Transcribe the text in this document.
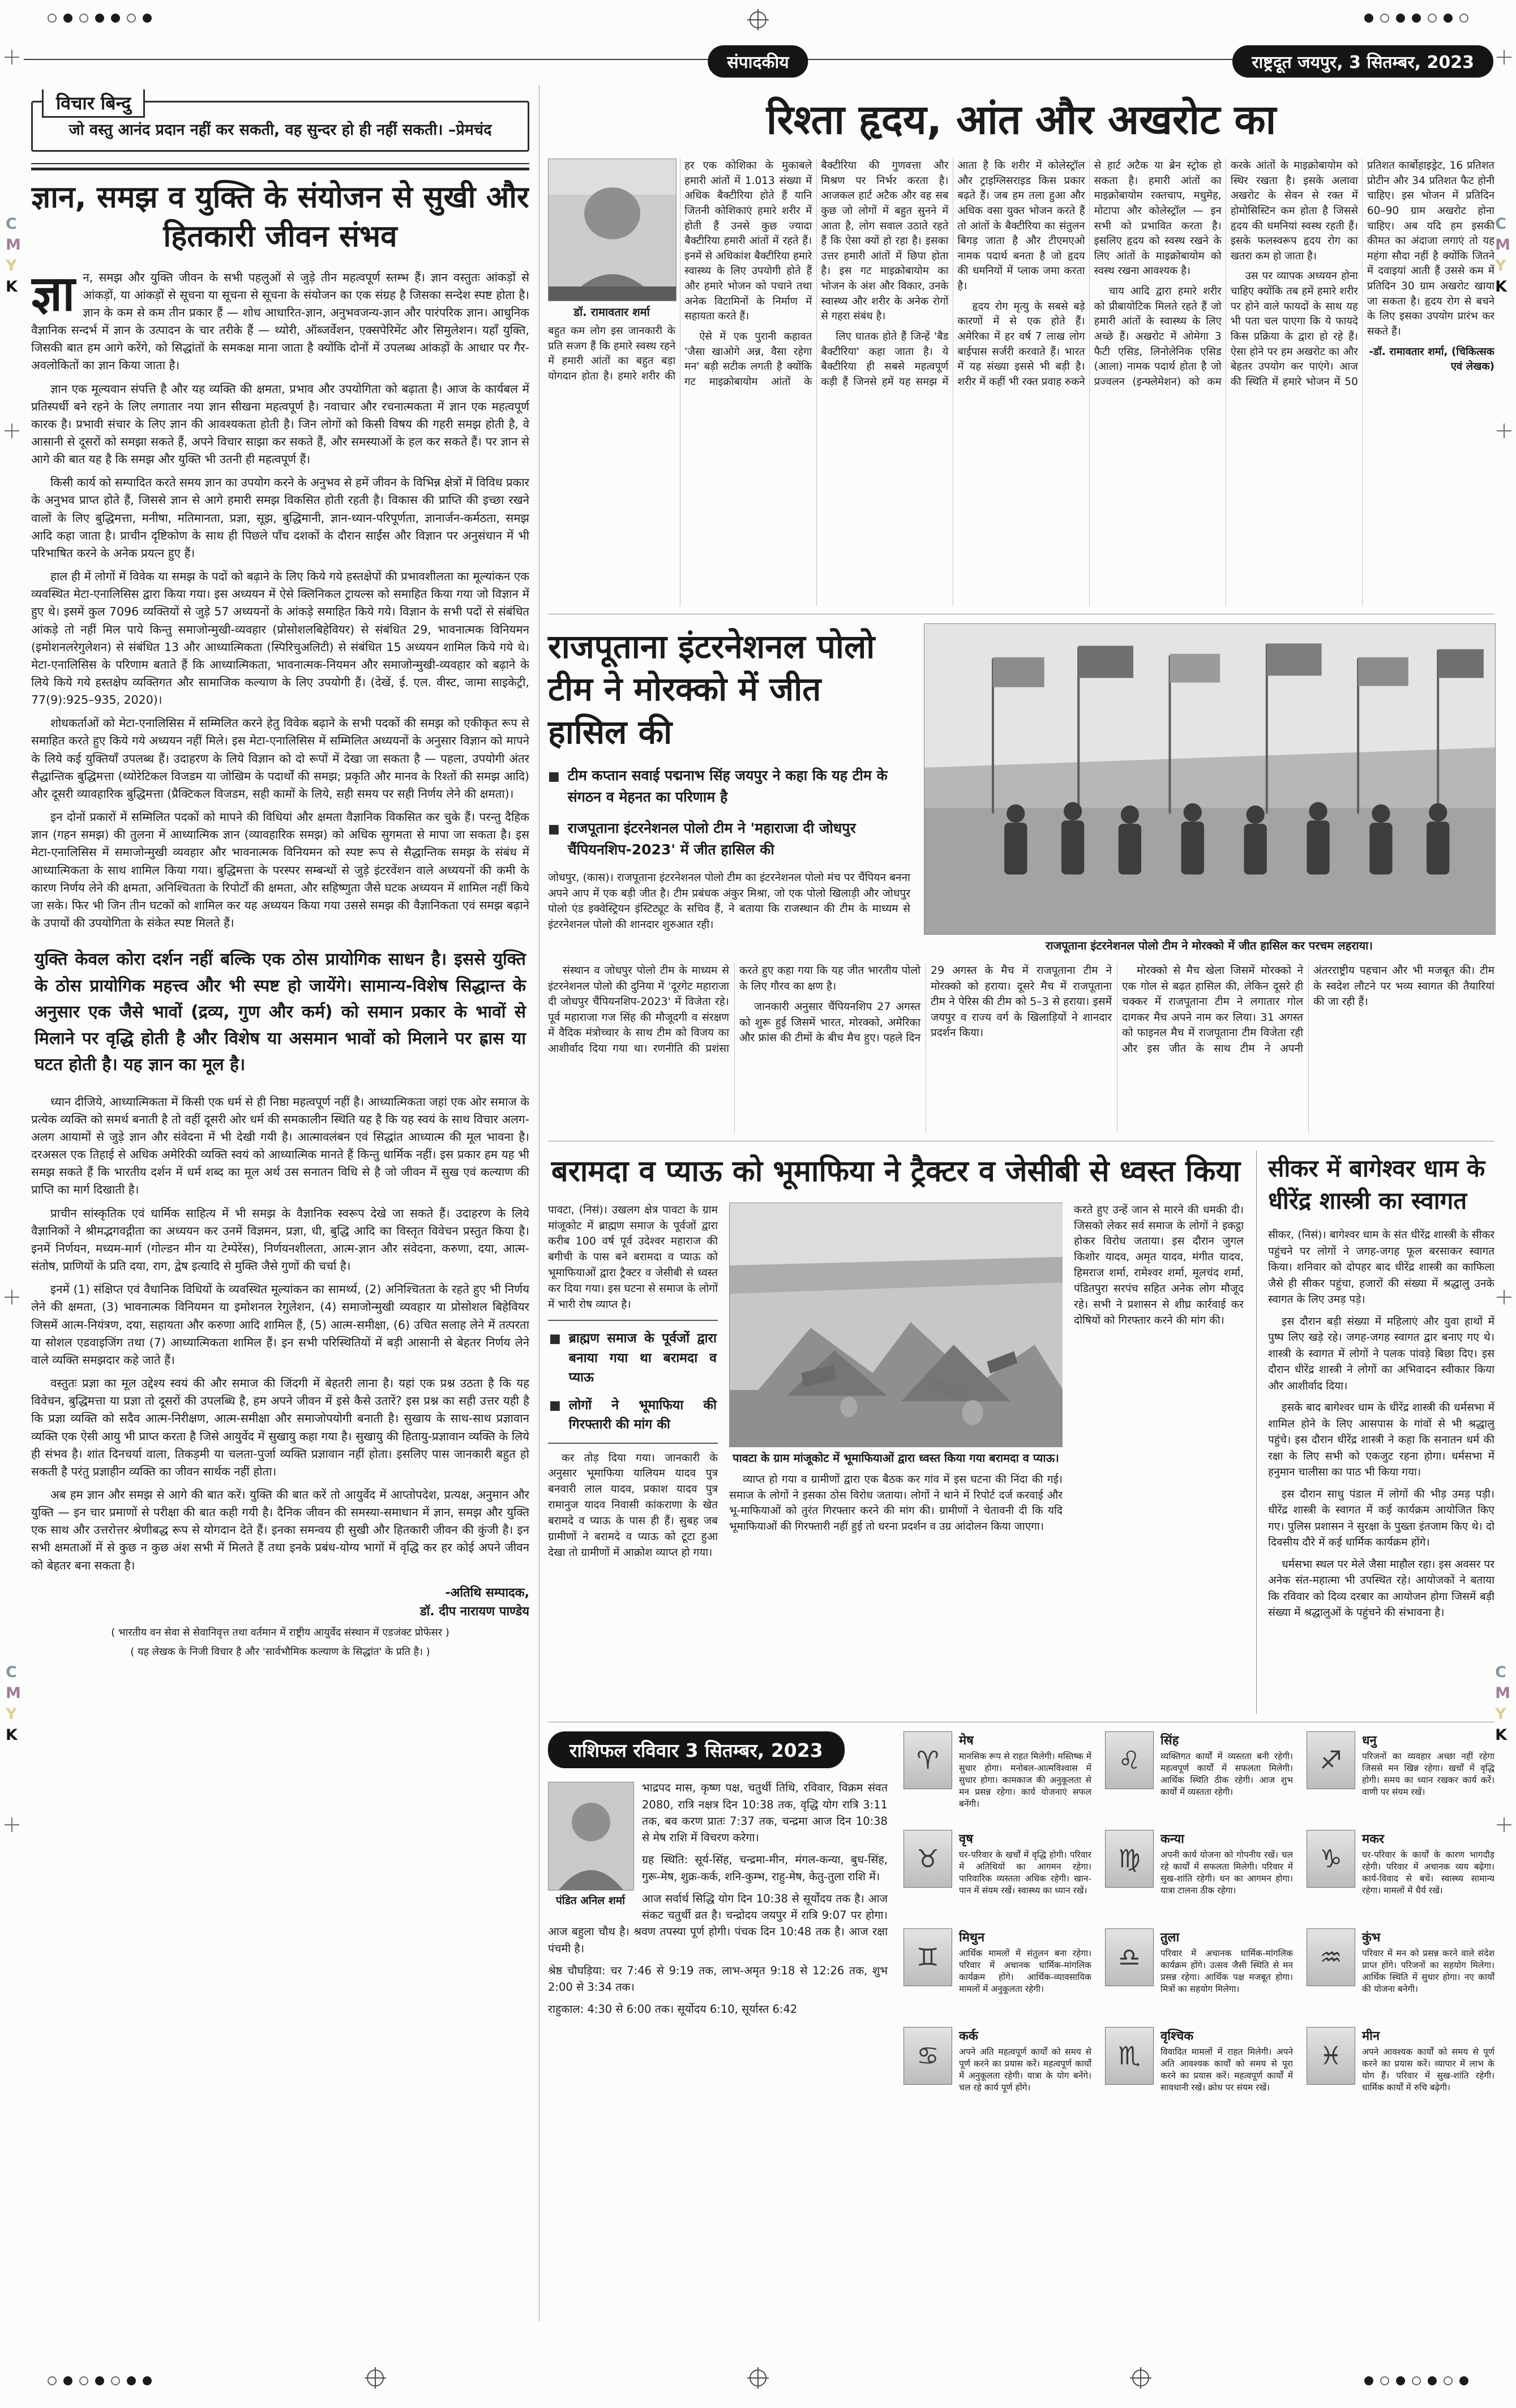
C
M
Y
K
C
M
Y
K
C
M
Y
K
C
M
Y
K
संपादकीय	राष्ट्रदूत जयपुर, 3 सितम्बर, 2023
विचार बिन्दु
जो वस्तु आनंद प्रदान नहीं कर सकती, वह सुन्दर हो ही नहीं सकती। –प्रेमचंद
ज्ञान, समझ व युक्ति के संयोजन से सुखी और हितकारी जीवन संभव

ज्ञा न, समझ और युक्ति जीवन के सभी पहलुओं से जुड़े तीन महत्वपूर्ण स्तम्भ हैं। ज्ञान वस्तुतः आंकड़ों से आंकड़ों, या आंकड़ों से सूचना या सूचना से सूचना के संयोजन का एक संग्रह है जिसका सन्देश स्पष्ट होता है। ज्ञान के कम से कम तीन प्रकार हैं — शोध आधारित-ज्ञान, अनुभवजन्य-ज्ञान और पारंपरिक ज्ञान। आधुनिक वैज्ञानिक सन्दर्भ में ज्ञान के उत्पादन के चार तरीके हैं — थ्योरी, ऑब्जर्वेशन, एक्सपेरिमेंट और सिमुलेशन। यहाँ युक्ति, जिसकी बात हम आगे करेंगे, को सिद्धांतों के समकक्ष माना जाता है क्योंकि दोनों में उपलब्ध आंकड़ों के आधार पर गैर-अवलोकितों का ज्ञान किया जाता है।

ज्ञान एक मूल्यवान संपत्ति है और यह व्यक्ति की क्षमता, प्रभाव और उपयोगिता को बढ़ाता है। आज के कार्यबल में प्रतिस्पर्धी बने रहने के लिए लगातार नया ज्ञान सीखना महत्वपूर्ण है। नवाचार और रचनात्मकता में ज्ञान एक महत्वपूर्ण कारक है। प्रभावी संचार के लिए ज्ञान की आवश्यकता होती है। जिन लोगों को किसी विषय की गहरी समझ होती है, वे आसानी से दूसरों को समझा सकते हैं, अपने विचार साझा कर सकते हैं, और समस्याओं के हल कर सकते हैं। पर ज्ञान से आगे की बात यह है कि समझ और युक्ति भी उतनी ही महत्वपूर्ण हैं।

किसी कार्य को सम्पादित करते समय ज्ञान का उपयोग करने के अनुभव से हमें जीवन के विभिन्न क्षेत्रों में विविध प्रकार के अनुभव प्राप्त होते हैं, जिससे ज्ञान से आगे हमारी समझ विकसित होती रहती है। विकास की प्राप्ति की इच्छा रखने वालों के लिए बुद्धिमत्ता, मनीषा, मतिमानता, प्रज्ञा, सूझ, बुद्धिमानी, ज्ञान-ध्यान-परिपूर्णता, ज्ञानार्जन-कर्मठता, समझ आदि कहा जाता है। प्राचीन दृष्टिकोण के साथ ही पिछले पाँच दशकों के दौरान साईंस और विज्ञान पर अनुसंधान में भी परिभाषित करने के अनेक प्रयत्न हुए हैं।

हाल ही में लोगों में विवेक या समझ के पदों को बढ़ाने के लिए किये गये हस्तक्षेपों की प्रभावशीलता का मूल्यांकन एक व्यवस्थित मेटा-एनालिसिस द्वारा किया गया। इस अध्ययन में ऐसे क्लिनिकल ट्रायल्स को समाहित किया गया जो विज्ञान में हुए थे। इसमें कुल 7096 व्यक्तियों से जुड़े 57 अध्ययनों के आंकड़े समाहित किये गये। विज्ञान के सभी पदों से संबंधित आंकड़े तो नहीं मिल पाये किन्तु समाजोन्मुखी-व्यवहार (प्रोसोशलबिहेवियर) से संबंधित 29, भावनात्मक विनियमन (इमोशनलरेगुलेशन) से संबंधित 13 और आध्यात्मिकता (स्पिरिचुअलिटी) से संबंधित 15 अध्ययन शामिल किये गये थे। मेटा-एनालिसिस के परिणाम बताते हैं कि आध्यात्मिकता, भावनात्मक-नियमन और समाजोन्मुखी-व्यवहार को बढ़ाने के लिये किये गये हस्तक्षेप व्यक्तिगत और सामाजिक कल्याण के लिए उपयोगी हैं। (देखें, ई. एल. वीस्ट, जामा साइकेट्री, 77(9):925–935, 2020)।

शोधकर्ताओं को मेटा-एनालिसिस में सम्मिलित करने हेतु विवेक बढ़ाने के सभी पदकों की समझ को एकीकृत रूप से समाहित करते हुए किये गये अध्ययन नहीं मिले। इस मेटा-एनालिसिस में सम्मिलित अध्ययनों के अनुसार विज्ञान को मापने के लिये कई युक्तियाँ उपलब्ध हैं। उदाहरण के लिये विज्ञान को दो रूपों में देखा जा सकता है — पहला, उपयोगी अंतर सैद्धान्तिक बुद्धिमत्ता (थ्योरेटिकल विजडम या जोखिम के पदार्थों की समझ; प्रकृति और मानव के रिश्तों की समझ आदि) और दूसरी व्यावहारिक बुद्धिमत्ता (प्रैक्टिकल विजडम, सही कामों के लिये, सही समय पर सही निर्णय लेने की क्षमता)।

इन दोनों प्रकारों में सम्मिलित पदकों को मापने की विधियां और क्षमता वैज्ञानिक विकसित कर चुके हैं। परन्तु दैहिक ज्ञान (गहन समझ) की तुलना में आध्यात्मिक ज्ञान (व्यावहारिक समझ) को अधिक सुगमता से मापा जा सकता है। इस मेटा-एनालिसिस में समाजोन्मुखी व्यवहार और भावनात्मक विनियमन को स्पष्ट रूप से सैद्धान्तिक समझ के संबंध में आध्यात्मिकता के साथ शामिल किया गया। बुद्धिमत्ता के परस्पर सम्बन्धों से जुड़े इंटरवेंशन वाले अध्ययनों की कमी के कारण निर्णय लेने की क्षमता, अनिश्चितता के रिपोर्टों की क्षमता, और सहिष्णुता जैसे घटक अध्ययन में शामिल नहीं किये जा सके। फिर भी जिन तीन घटकों को शामिल कर यह अध्ययन किया गया उससे समझ की वैज्ञानिकता एवं समझ बढ़ाने के उपायों की उपयोगिता के संकेत स्पष्ट मिलते हैं।

युक्ति केवल कोरा दर्शन नहीं बल्कि एक ठोस प्रायोगिक साधन है। इससे युक्ति के ठोस प्रायोगिक महत्त्व और भी स्पष्ट हो जायेंगे। सामान्य-विशेष सिद्धान्त के अनुसार एक जैसे भावों (द्रव्य, गुण और कर्म) को समान प्रकार के भावों से मिलाने पर वृद्धि होती है और विशेष या असमान भावों को मिलाने पर ह्रास या घटत होती है। यह ज्ञान का मूल है।

ध्यान दीजिये, आध्यात्मिकता में किसी एक धर्म से ही निष्ठा महत्वपूर्ण नहीं है। आध्यात्मिकता जहां एक ओर समाज के प्रत्येक व्यक्ति को समर्थ बनाती है तो वहीं दूसरी ओर धर्म की समकालीन स्थिति यह है कि यह स्वयं के साथ विचार अलग-अलग आयामों से जुड़े ज्ञान और संवेदना में भी देखी गयी है। आत्मावलंबन एवं सिद्धांत आध्यात्म की मूल भावना है। दरअसल एक तिहाई से अधिक अमेरिकी व्यक्ति स्वयं को आध्यात्मिक मानते हैं किन्तु धार्मिक नहीं। इस प्रकार हम यह भी समझ सकते हैं कि भारतीय दर्शन में धर्म शब्द का मूल अर्थ उस सनातन विधि से है जो जीवन में सुख एवं कल्याण की प्राप्ति का मार्ग दिखाती है।

प्राचीन सांस्कृतिक एवं धार्मिक साहित्य में भी समझ के वैज्ञानिक स्वरूप देखे जा सकते हैं। उदाहरण के लिये वैज्ञानिकों ने श्रीमद्भगवद्गीता का अध्ययन कर उनमें विज्ञमन, प्रज्ञा, धी, बुद्धि आदि का विस्तृत विवेचन प्रस्तुत किया है। इनमें निर्णयन, मध्यम-मार्ग (गोल्डन मीन या टेम्पेरेंस), निर्णयनशीलता, आत्म-ज्ञान और संवेदना, करुणा, दया, आत्म-संतोष, प्राणियों के प्रति दया, राग, द्वेष इत्यादि से मुक्ति जैसे गुणों की चर्चा है।

इनमें (1) संक्षिप्त एवं वैधानिक विधियों के व्यवस्थित मूल्यांकन का सामर्थ्य, (2) अनिश्चितता के रहते हुए भी निर्णय लेने की क्षमता, (3) भावनात्मक विनियमन या इमोशनल रेगुलेशन, (4) समाजोन्मुखी व्यवहार या प्रोसोशल बिहेवियर जिसमें आत्म-नियंत्रण, दया, सहायता और करुणा आदि शामिल हैं, (5) आत्म-समीक्षा, (6) उचित सलाह लेने में तत्परता या सोशल एडवाइजिंग तथा (7) आध्यात्मिकता शामिल हैं। इन सभी परिस्थितियों में बड़ी आसानी से बेहतर निर्णय लेने वाले व्यक्ति समझदार कहे जाते हैं।

वस्तुतः प्रज्ञा का मूल उद्देश्य स्वयं की और समाज की जिंदगी में बेहतरी लाना है। यहां एक प्रश्न उठता है कि यह विवेचन, बुद्धिमत्ता या प्रज्ञा तो दूसरों की उपलब्धि है, हम अपने जीवन में इसे कैसे उतारें? इस प्रश्न का सही उत्तर यही है कि प्रज्ञा व्यक्ति को सदैव आत्म-निरीक्षण, आत्म-समीक्षा और समाजोपयोगी बनाती है। सुखाय के साथ-साथ प्रज्ञावान व्यक्ति एक ऐसी आयु भी प्राप्त करता है जिसे आयुर्वेद में सुखायु कहा गया है। सुखायु की हितायु-प्रज्ञावान व्यक्ति के लिये ही संभव है। शांत दिनचर्या वाला, तिकड़मी या चलता-पुर्जा व्यक्ति प्रज्ञावान नहीं होता। इसलिए पास जानकारी बहुत हो सकती है परंतु प्रज्ञाहीन व्यक्ति का जीवन सार्थक नहीं होता।

अब हम ज्ञान और समझ से आगे की बात करें। युक्ति की बात करें तो आयुर्वेद में आप्तोपदेश, प्रत्यक्ष, अनुमान और युक्ति — इन चार प्रमाणों से परीक्षा की बात कही गयी है। दैनिक जीवन की समस्या-समाधान में ज्ञान, समझ और युक्ति एक साथ और उत्तरोत्तर श्रेणीबद्ध रूप से योगदान देते हैं। इनका समन्वय ही सुखी और हितकारी जीवन की कुंजी है। इन सभी क्षमताओं में से कुछ न कुछ अंश सभी में मिलते हैं तथा इनके प्रबंध-योग्य भागों में वृद्धि कर हर कोई अपने जीवन को बेहतर बना सकता है।

-अतिथि सम्पादक,
डॉ. दीप नारायण पाण्डेय
( भारतीय वन सेवा से सेवानिवृत्त तथा वर्तमान में राष्ट्रीय आयुर्वेद संस्थान में एडजंक्ट प्रोफेसर )
( यह लेखक के निजी विचार है और 'सार्वभौमिक कल्याण के सिद्धांत' के प्रति है। )
रिश्ता हृदय, आंत और अखरोट का
डॉ. रामावतार शर्मा

बहुत कम लोग इस जानकारी के प्रति सजग हैं कि हमारे स्वस्थ रहने में हमारी आंतों का बहुत बड़ा योगदान होता है। हमारे शरीर की हर एक कोशिका के मुकाबले हमारी आंतों में 1.013 संख्या में अधिक बैक्टीरिया होते हैं यानि जितनी कोशिकाएं हमारे शरीर में होती हैं उनसे कुछ ज्यादा बैक्टीरिया हमारी आंतों में रहते हैं। इनमें से अधिकांश बैक्टीरिया हमारे स्वास्थ्य के लिए उपयोगी होते हैं और हमारे भोजन को पचाने तथा अनेक विटामिनों के निर्माण में सहायता करते हैं।

ऐसे में एक पुरानी कहावत 'जैसा खाओगे अन्न, वैसा रहेगा मन' बड़ी सटीक लगती है क्योंकि गट माइक्रोबायोम आंतों के बैक्टीरिया की गुणवत्ता और मिश्रण पर निर्भर करता है। आजकल हार्ट अटैक और वह सब कुछ जो लोगों में बहुत सुनने में आता है, लोग सवाल उठाते रहते हैं कि ऐसा क्यों हो रहा है। इसका उत्तर हमारी आंतों में छिपा होता है। इस गट माइक्रोबायोम का भोजन के अंश और विकार, उनके स्वास्थ्य और शरीर के अनेक रोगों से गहरा संबंध है।

लिए घातक होते हैं जिन्हें 'बैड बैक्टीरिया' कहा जाता है। ये बैक्टीरिया ही सबसे महत्वपूर्ण कड़ी हैं जिनसे हमें यह समझ में आता है कि शरीर में कोलेस्ट्रॉल और ट्राइग्लिसराइड किस प्रकार बढ़ते हैं। जब हम तला हुआ और अधिक वसा युक्त भोजन करते हैं तो आंतों के बैक्टीरिया का संतुलन बिगड़ जाता है और टीएमएओ नामक पदार्थ बनता है जो हृदय की धमनियों में प्लाक जमा करता है।

हृदय रोग मृत्यु के सबसे बड़े कारणों में से एक होते हैं। अमेरिका में हर वर्ष 7 लाख लोग बाईपास सर्जरी करवाते हैं। भारत में यह संख्या इससे भी बड़ी है। शरीर में कहीं भी रक्त प्रवाह रुकने से हार्ट अटैक या ब्रेन स्ट्रोक हो सकता है। हमारी आंतों का माइक्रोबायोम रक्तचाप, मधुमेह, मोटापा और कोलेस्ट्रॉल — इन सभी को प्रभावित करता है। इसलिए हृदय को स्वस्थ रखने के लिए आंतों के माइक्रोबायोम को स्वस्थ रखना आवश्यक है।

चाय आदि द्वारा हमारे शरीर को प्रीबायोटिक मिलते रहते हैं जो हमारी आंतों के स्वास्थ्य के लिए अच्छे हैं। अखरोट में ओमेगा 3 फैटी एसिड, लिनोलेनिक एसिड (आला) नामक पदार्थ होता है जो प्रज्वलन (इन्फ्लेमेशन) को कम करके आंतों के माइक्रोबायोम को स्थिर रखता है। इसके अलावा अखरोट के सेवन से रक्त में होमोसिस्टिन कम होता है जिससे हृदय की धमनियां स्वस्थ रहती हैं। इसके फलस्वरूप हृदय रोग का खतरा कम हो जाता है।

उस पर व्यापक अध्ययन होना चाहिए क्योंकि तब हमें हमारे शरीर पर होने वाले फायदों के साथ यह भी पता चल पाएगा कि ये फायदे किस प्रक्रिया के द्वारा हो रहे हैं। ऐसा होने पर हम अखरोट का और बेहतर उपयोग कर पाएंगे। आज की स्थिति में हमारे भोजन में 50 प्रतिशत कार्बोहाइड्रेट, 16 प्रतिशत प्रोटीन और 34 प्रतिशत फैट होनी चाहिए। इस भोजन में प्रतिदिन 60–90 ग्राम अखरोट होना चाहिए। अब यदि हम इसकी कीमत का अंदाजा लगाएं तो यह महंगा सौदा नहीं है क्योंकि जितने में दवाइयां आती हैं उससे कम में प्रतिदिन 30 ग्राम अखरोट खाया जा सकता है। हृदय रोग से बचने के लिए इसका उपयोग प्रारंभ कर सकते हैं।

-डॉ. रामावतार शर्मा, (चिकित्सक एवं लेखक)

राजपूताना इंटरनेशनल पोलो टीम ने मोरक्को में जीत हासिल की
■
टीम कप्तान सवाई पद्मनाभ सिंह जयपुर ने कहा कि यह टीम के संगठन व मेहनत का परिणाम है
■
राजपूताना इंटरनेशनल पोलो टीम ने 'महाराजा दी जोधपुर चैंपियनशिप-2023' में जीत हासिल की

जोधपुर, (कास)। राजपूताना इंटरनेशनल पोलो टीम का इंटरनेशनल पोलो मंच पर चैंपियन बनना अपने आप में एक बड़ी जीत है। टीम प्रबंधक अंकुर मिश्रा, जो एक पोलो खिलाड़ी और जोधपुर पोलो एंड इक्वेस्ट्रियन इंस्टिट्यूट के सचिव हैं, ने बताया कि राजस्थान की टीम के माध्यम से इंटरनेशनल पोलो की शानदार शुरुआत रही।

राजपूताना इंटरनेशनल पोलो टीम ने मोरक्को में जीत हासिल कर परचम लहराया।

संस्थान व जोधपुर पोलो टीम के माध्यम से इंटरनेशनल पोलो की दुनिया में 'दूरगेट महाराजा दी जोधपुर चैंपियनशिप-2023' में विजेता रहे। पूर्व महाराजा गज सिंह की मौजूदगी व संरक्षण में वैदिक मंत्रोच्चार के साथ टीम को विजय का आशीर्वाद दिया गया था। रणनीति की प्रशंसा करते हुए कहा गया कि यह जीत भारतीय पोलो के लिए गौरव का क्षण है।

जानकारी अनुसार चैंपियनशिप 27 अगस्त को शुरू हुई जिसमें भारत, मोरक्को, अमेरिका और फ्रांस की टीमों के बीच मैच हुए। पहले दिन 29 अगस्त के मैच में राजपूताना टीम ने मोरक्को को हराया। दूसरे मैच में राजपूताना टीम ने पेरिस की टीम को 5–3 से हराया। इसमें जयपुर व राज्य वर्ग के खिलाड़ियों ने शानदार प्रदर्शन किया।

मोरक्को से मैच खेला जिसमें मोरक्को ने एक गोल से बढ़त हासिल की, लेकिन दूसरे ही चक्कर में राजपूताना टीम ने लगातार गोल दागकर मैच अपने नाम कर लिया। 31 अगस्त को फाइनल मैच में राजपूताना टीम विजेता रही और इस जीत के साथ टीम ने अपनी अंतरराष्ट्रीय पहचान और भी मजबूत की। टीम के स्वदेश लौटने पर भव्य स्वागत की तैयारियां की जा रही हैं।

बरामदा व प्याऊ को भूमाफिया ने ट्रैक्टर व जेसीबी से ध्वस्त किया

पावटा, (निसं)। उखलग क्षेत्र पावटा के ग्राम मांजूकोट में ब्राह्मण समाज के पूर्वजों द्वारा करीब 100 वर्ष पूर्व उदेश्वर महाराज की बगीची के पास बने बरामदा व प्याऊ को भूमाफियाओं द्वारा ट्रैक्टर व जेसीबी से ध्वस्त कर दिया गया। इस घटना से समाज के लोगों में भारी रोष व्याप्त है।

■
ब्राह्मण समाज के पूर्वजों द्वारा बनाया गया था बरामदा व प्याऊ
■
लोगों ने भूमाफिया की गिरफ्तारी की मांग की

कर तोड़ दिया गया। जानकारी के अनुसार भूमाफिया यालियम यादव पुत्र बनवारी लाल यादव, प्रकाश यादव पुत्र रामानुज यादव निवासी कांकराणा के खेत बरामदे व प्याऊ के पास ही हैं। सुबह जब ग्रामीणों ने बरामदे व प्याऊ को टूटा हुआ देखा तो ग्रामीणों में आक्रोश व्याप्त हो गया।

पावटा के ग्राम मांजूकोट में भूमाफियाओं द्वारा ध्वस्त किया गया बरामदा व प्याऊ।

व्याप्त हो गया व ग्रामीणों द्वारा एक बैठक कर गांव में इस घटना की निंदा की गई। समाज के लोगों ने इसका ठोस विरोध जताया। लोगों ने थाने में रिपोर्ट दर्ज करवाई और भू-माफियाओं को तुरंत गिरफ्तार करने की मांग की। ग्रामीणों ने चेतावनी दी कि यदि भूमाफियाओं की गिरफ्तारी नहीं हुई तो धरना प्रदर्शन व उग्र आंदोलन किया जाएगा।

करते हुए उन्हें जान से मारने की धमकी दी। जिसको लेकर सर्व समाज के लोगों ने इकट्ठा होकर विरोध जताया। इस दौरान जुगल किशोर यादव, अमृत यादव, मंगीत यादव, हिमराज शर्मा, रामेश्वर शर्मा, मूलचंद शर्मा, पंडितपुरा सरपंच सहित अनेक लोग मौजूद रहे। सभी ने प्रशासन से शीघ्र कार्रवाई कर दोषियों को गिरफ्तार करने की मांग की।

सीकर में बागेश्वर धाम के धीरेंद्र शास्त्री का स्वागत

सीकर, (निसं)। बागेश्वर धाम के संत धीरेंद्र शास्त्री के सीकर पहुंचने पर लोगों ने जगह-जगह फूल बरसाकर स्वागत किया। शनिवार को दोपहर बाद धीरेंद्र शास्त्री का काफिला जैसे ही सीकर पहुंचा, हजारों की संख्या में श्रद्धालु उनके स्वागत के लिए उमड़ पड़े।

इस दौरान बड़ी संख्या में महिलाएं और युवा हाथों में पुष्प लिए खड़े रहे। जगह-जगह स्वागत द्वार बनाए गए थे। शास्त्री के स्वागत में लोगों ने पलक पांवड़े बिछा दिए। इस दौरान धीरेंद्र शास्त्री ने लोगों का अभिवादन स्वीकार किया और आशीर्वाद दिया।

इसके बाद बागेश्वर धाम के धीरेंद्र शास्त्री की धर्मसभा में शामिल होने के लिए आसपास के गांवों से भी श्रद्धालु पहुंचे। इस दौरान धीरेंद्र शास्त्री ने कहा कि सनातन धर्म की रक्षा के लिए सभी को एकजुट रहना होगा। धर्मसभा में हनुमान चालीसा का पाठ भी किया गया।

इस दौरान साधु पंडाल में लोगों की भीड़ उमड़ पड़ी। धीरेंद्र शास्त्री के स्वागत में कई कार्यक्रम आयोजित किए गए। पुलिस प्रशासन ने सुरक्षा के पुख्ता इंतजाम किए थे। दो दिवसीय दौरे में कई धार्मिक कार्यक्रम होंगे।

धर्मसभा स्थल पर मेले जैसा माहौल रहा। इस अवसर पर अनेक संत-महात्मा भी उपस्थित रहे। आयोजकों ने बताया कि रविवार को दिव्य दरबार का आयोजन होगा जिसमें बड़ी संख्या में श्रद्धालुओं के पहुंचने की संभावना है।

राशिफल रविवार 3 सितम्बर, 2023
पंडित अनिल शर्मा

भाद्रपद मास, कृष्ण पक्ष, चतुर्थी तिथि, रविवार, विक्रम संवत 2080, रात्रि नक्षत्र दिन 10:38 तक, वृद्धि योग रात्रि 3:11 तक, बव करण प्रातः 7:37 तक, चन्द्रमा आज दिन 10:38 से मेष राशि में विचरण करेगा।

ग्रह स्थिति: सूर्य-सिंह, चन्द्रमा-मीन, मंगल-कन्या, बुध-सिंह, गुरू-मेष, शुक्र-कर्क, शनि-कुम्भ, राहु-मेष, केतु-तुला राशि में।

आज सर्वार्थ सिद्धि योग दिन 10:38 से सूर्योदय तक है। आज संकट चतुर्थी व्रत है। चन्द्रोदय जयपुर में रात्रि 9:07 पर होगा। आज बहुला चौथ है। श्रवण तपस्या पूर्ण होगी। पंचक दिन 10:48 तक है। आज रक्षा पंचमी है।

श्रेष्ठ चौघड़िया: चर 7:46 से 9:19 तक, लाभ-अमृत 9:18 से 12:26 तक, शुभ 2:00 से 3:34 तक।

राहुकाल: 4:30 से 6:00 तक। सूर्योदय 6:10, सूर्यास्त 6:42

♈
मेष
मानसिक रूप से राहत मिलेगी। मस्तिष्क में सुधार होगा। मनोबल-आत्मविश्वास में सुधार होगा। कामकाज की अनुकूलता से मन प्रसन्न रहेगा। कार्य योजनाएं सफल बनेंगी।
♉
वृष
घर-परिवार के खर्चों में वृद्धि होगी। परिवार में अतिथियों का आगमन रहेगा। पारिवारिक व्यस्तता अधिक रहेगी। खान-पान में संयम रखें। स्वास्थ्य का ध्यान रखें।
♊
मिथुन
आर्थिक मामलों में संतुलन बना रहेगा। परिवार में अचानक धार्मिक-मांगलिक कार्यक्रम होंगे। आर्थिक-व्यावसायिक मामलों में अनुकूलता रहेगी।
♋
कर्क
अपने अति महत्वपूर्ण कार्यों को समय से पूर्ण करने का प्रयास करें। महत्वपूर्ण कार्यों में अनुकूलता रहेगी। यात्रा के योग बनेंगे। चल रहे कार्य पूर्ण होंगे।
♌
सिंह
व्यक्तिगत कार्यों में व्यस्तता बनी रहेगी। महत्वपूर्ण कार्यों में सफलता मिलेगी। आर्थिक स्थिति ठीक रहेगी। आज शुभ कार्यों में व्यस्तता रहेगी।
♍
कन्या
अपनी कार्य योजना को गोपनीय रखें। चल रहे कार्यों में सफलता मिलेगी। परिवार में सुख-शांति रहेगी। धन का आगमन होगा। यात्रा टालना ठीक रहेगा।
♎
तुला
परिवार में अचानक धार्मिक-मांगलिक कार्यक्रम होंगे। उत्सव जैसी स्थिति से मन प्रसन्न रहेगा। आर्थिक पक्ष मजबूत होगा। मित्रों का सहयोग मिलेगा।
♏
वृश्चिक
विवादित मामलों में राहत मिलेगी। अपने अति आवश्यक कार्यों को समय से पूरा करने का प्रयास करें। महत्वपूर्ण कार्यों में सावधानी रखें। क्रोध पर संयम रखें।
♐
धनु
परिजनों का व्यवहार अच्छा नहीं रहेगा जिससे मन खिन्न रहेगा। खर्चों में वृद्धि होगी। समय का ध्यान रखकर कार्य करें। वाणी पर संयम रखें।
♑
मकर
घर-परिवार के कार्यों के कारण भागदौड़ रहेगी। परिवार में अचानक व्यय बढ़ेगा। कार्य-विवाद से बचें। स्वास्थ्य सामान्य रहेगा। मामलों में धैर्य रखें।
♒
कुंभ
परिवार में मन को प्रसन्न करने वाले संदेश प्राप्त होंगे। परिजनों का सहयोग मिलेगा। आर्थिक स्थिति में सुधार होगा। नए कार्यों की योजना बनेगी।
♓
मीन
अपने आवश्यक कार्यों को समय से पूर्ण करने का प्रयास करें। व्यापार में लाभ के योग हैं। परिवार में सुख-शांति रहेगी। धार्मिक कार्यों में रुचि बढ़ेगी।
